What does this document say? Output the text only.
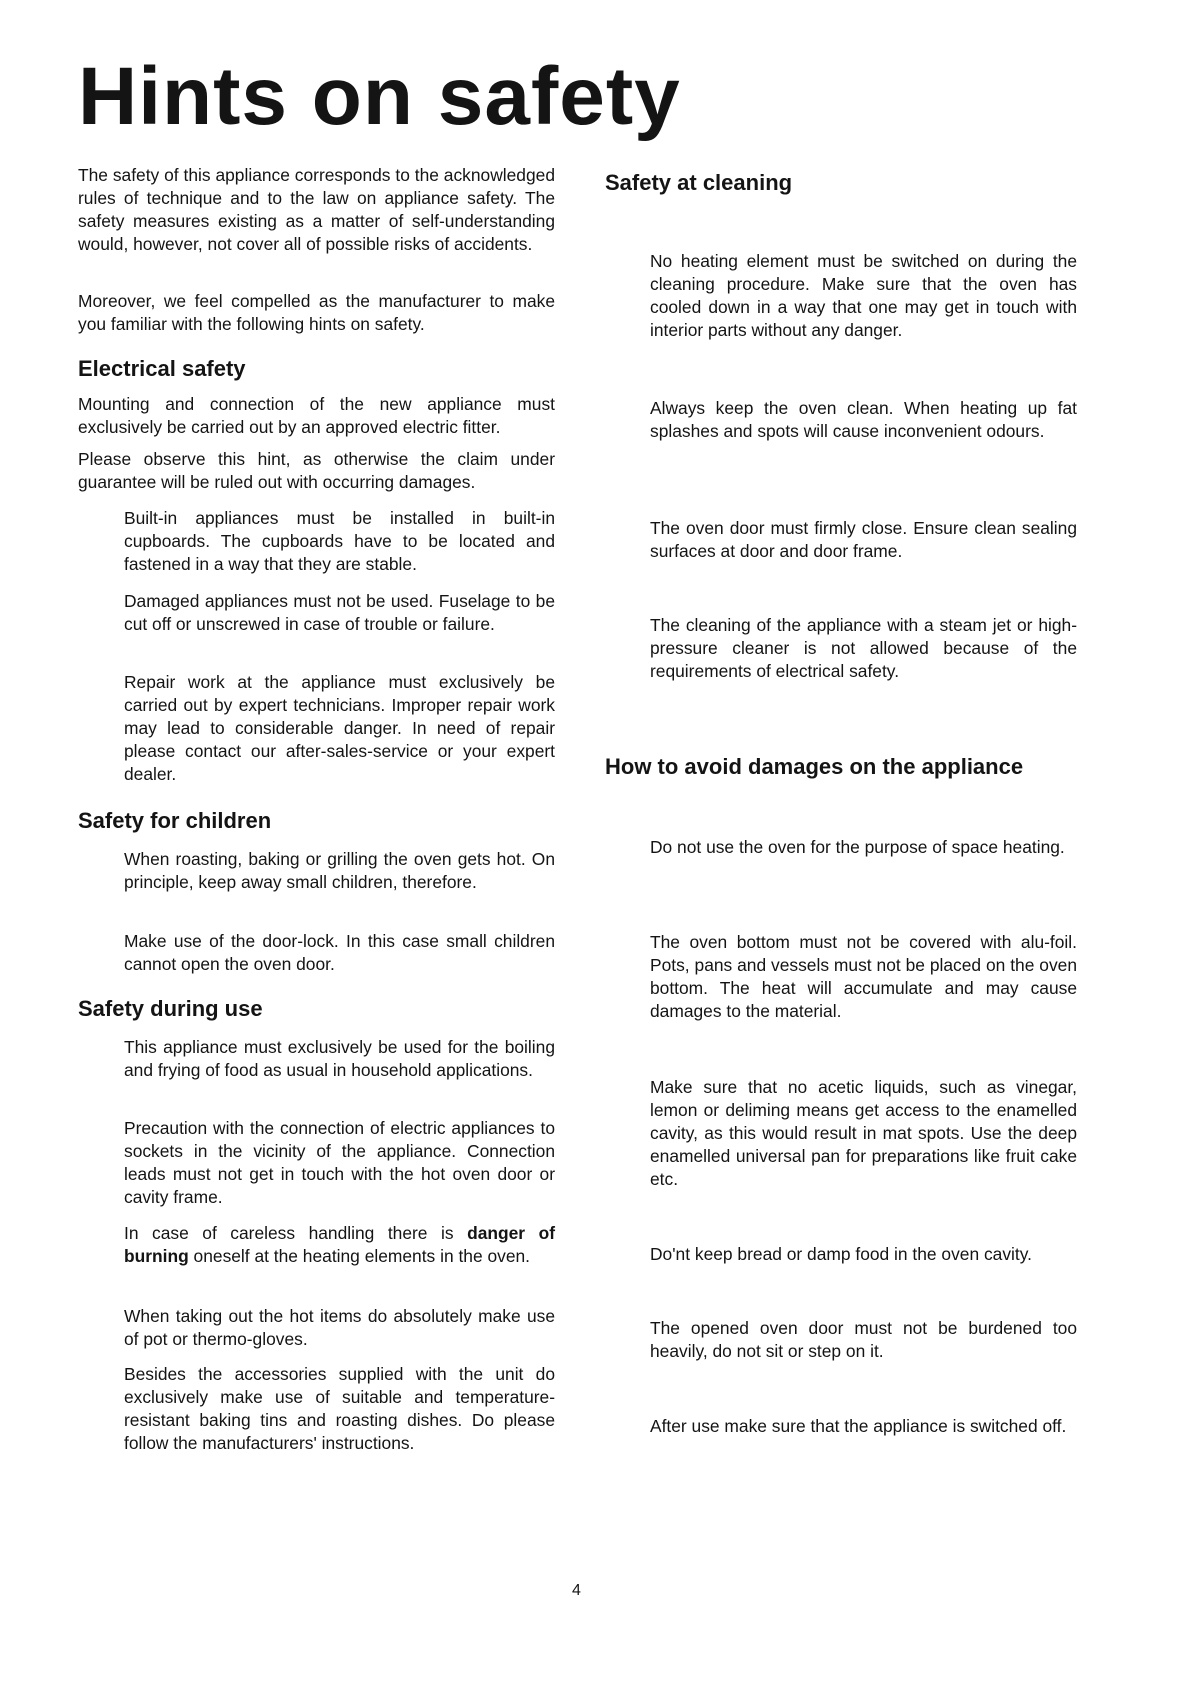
Hints on safety

The safety of this appliance corresponds to the acknowledged rules of technique and to the law on appliance safety. The safety measures existing as a matter of self-understanding would, however, not cover all of possible risks of accidents.

Moreover, we feel compelled as the manufacturer to make you familiar with the following hints on safety.

Electrical safety

Mounting and connection of the new appliance must exclusively be carried out by an approved electric fitter.

Please observe this hint, as otherwise the claim under guarantee will be ruled out with occurring damages.

Built-in appliances must be installed in built-in cupboards. The cupboards have to be located and fastened in a way that they are stable.

Damaged appliances must not be used. Fuselage to be cut off or unscrewed in case of trouble or failure.

Repair work at the appliance must exclusively be carried out by expert technicians. Improper repair work may lead to considerable danger. In need of repair please contact our after-sales-service or your expert dealer.

Safety for children

When roasting, baking or grilling the oven gets hot. On principle, keep away small children, therefore.

Make use of the door-lock. In this case small children cannot open the oven door.

Safety during use

This appliance must exclusively be used for the boiling and frying of food as usual in household applications.

Precaution with the connection of electric appliances to sockets in the vicinity of the appliance. Connection leads must not get in touch with the hot oven door or cavity frame.

In case of careless handling there is danger of burning oneself at the heating elements in the oven.

When taking out the hot items do absolutely make use of pot or thermo-gloves.

Besides the accessories supplied with the unit do exclusively make use of suitable and temperature-resistant baking tins and roasting dishes. Do please follow the manufacturers' instructions.

Safety at cleaning

No heating element must be switched on during the cleaning procedure. Make sure that the oven has cooled down in a way that one may get in touch with interior parts without any danger.

Always keep the oven clean. When heating up fat splashes and spots will cause inconvenient odours.

The oven door must firmly close. Ensure clean sealing surfaces at door and door frame.

The cleaning of the appliance with a steam jet or high-pressure cleaner is not allowed because of the requirements of electrical safety.

How to avoid damages on the appliance

Do not use the oven for the purpose of space heating.

The oven bottom must not be covered with alu-foil. Pots, pans and vessels must not be placed on the oven bottom. The heat will accumulate and may cause damages to the material.

Make sure that no acetic liquids, such as vinegar, lemon or deliming means get access to the enamelled cavity, as this would result in mat spots. Use the deep enamelled universal pan for preparations like fruit cake etc.

Do'nt keep bread or damp food in the oven cavity.

The opened oven door must not be burdened too heavily, do not sit or step on it.

After use make sure that the appliance is switched off.

4
